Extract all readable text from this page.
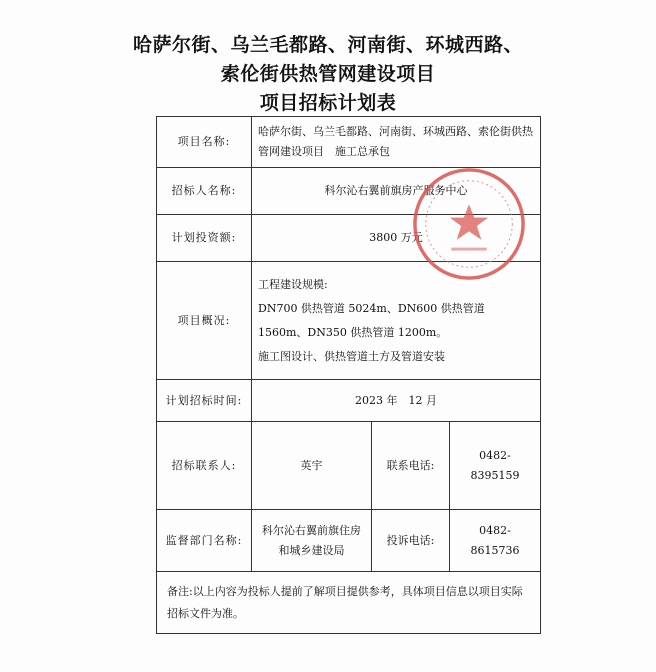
哈萨尔街、乌兰毛都路、河南街、环城西路、
索伦街供热管网建设项目
项目招标计划表
项目名称:	哈萨尔街、乌兰毛都路、河南街、环城西路、索伦街供热管网建设项目　施工总承包		
招标人名称:	科尔沁右翼前旗房产服务中心		
计划投资额:	3800 万元		
项目概况:	工程建设规模:
DN700 供热管道 5024m、DN600 供热管道 1560m、DN350 供热管道 1200m。
施工图设计、供热管道土方及管道安装		

计划招标时间:	2023 年　12 月		
招标联系人:	英宇	联系电话:	0482-8395159
监督部门名称:	科尔沁右翼前旗住房和城乡建设局	投诉电话:	0482-8615736
备注:以上内容为投标人提前了解项目提供参考，具体项目信息以项目实际招标文件为准。			
